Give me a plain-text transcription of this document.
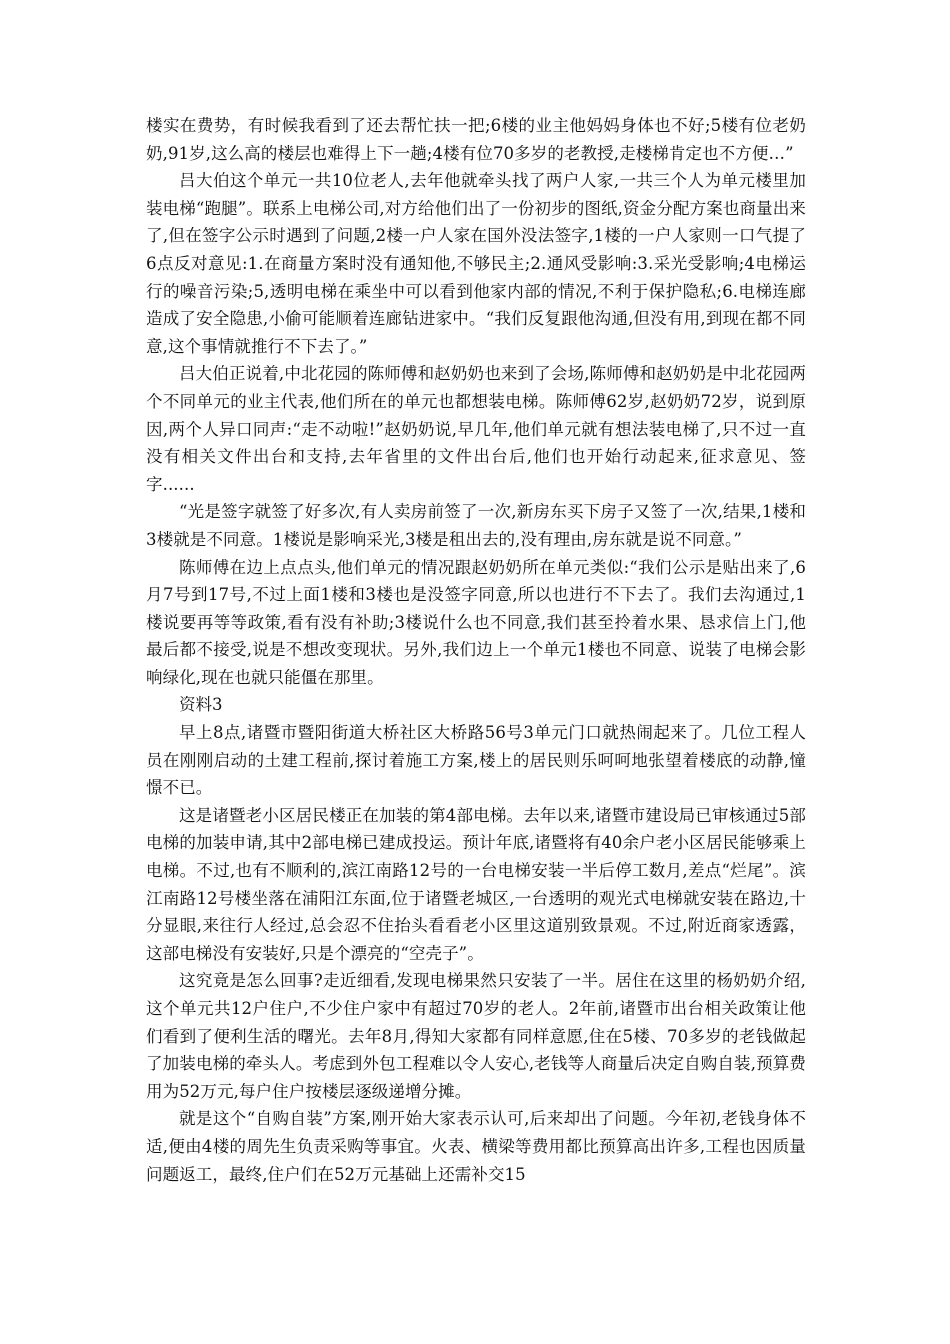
楼实在费势，有时候我看到了还去帮忙扶一把;6楼的业主他妈妈身体也不好;5楼有位老奶奶,91岁,这么高的楼层也难得上下一趟;4楼有位70多岁的老教授,走楼梯肯定也不方便…”

吕大伯这个单元一共10位老人,去年他就牵头找了两户人家,一共三个人为单元楼里加装电梯“跑腿”。联系上电梯公司,对方给他们出了一份初步的图纸,资金分配方案也商量出来了,但在签字公示时遇到了问题,2楼一户人家在国外没法签字,1楼的一户人家则一口气提了6点反对意见:1.在商量方案时没有通知他,不够民主;2.通风受影响:3.采光受影响;4电梯运行的噪音污染;5,透明电梯在乘坐中可以看到他家内部的情况,不利于保护隐私;6.电梯连廊造成了安全隐患,小偷可能顺着连廊钻进家中。“我们反复跟他沟通,但没有用,到现在都不同意,这个事情就推行不下去了。”

吕大伯正说着,中北花园的陈师傅和赵奶奶也来到了会场,陈师傅和赵奶奶是中北花园两个不同单元的业主代表,他们所在的单元也都想装电梯。陈师傅62岁,赵奶奶72岁，说到原因,两个人异口同声:“走不动啦!”赵奶奶说,早几年,他们单元就有想法装电梯了,只不过一直没有相关文件出台和支持,去年省里的文件出台后,他们也开始行动起来,征求意见、签字......

“光是签字就签了好多次,有人卖房前签了一次,新房东买下房子又签了一次,结果,1楼和3楼就是不同意。1楼说是影响采光,3楼是租出去的,没有理由,房东就是说不同意。”

陈师傅在边上点点头,他们单元的情况跟赵奶奶所在单元类似:“我们公示是贴出来了,6月7号到17号,不过上面1楼和3楼也是没签字同意,所以也进行不下去了。我们去沟通过,1楼说要再等等政策,看有没有补助;3楼说什么也不同意,我们甚至拎着水果、恳求信上门,他最后都不接受,说是不想改变现状。另外,我们边上一个单元1楼也不同意、说装了电梯会影响绿化,现在也就只能僵在那里。

资料3

早上8点,诸暨市暨阳街道大桥社区大桥路56号3单元门口就热闹起来了。几位工程人员在刚刚启动的土建工程前,探讨着施工方案,楼上的居民则乐呵呵地张望着楼底的动静,憧憬不已。

这是诸暨老小区居民楼正在加装的第4部电梯。去年以来,诸暨市建设局已审核通过5部电梯的加装申请,其中2部电梯已建成投运。预计年底,诸暨将有40余户老小区居民能够乘上电梯。不过,也有不顺利的,滨江南路12号的一台电梯安装一半后停工数月,差点“烂尾”。滨江南路12号楼坐落在浦阳江东面,位于诸暨老城区,一台透明的观光式电梯就安装在路边,十分显眼,来往行人经过,总会忍不住抬头看看老小区里这道别致景观。不过,附近商家透露，这部电梯没有安装好,只是个漂亮的“空壳子”。

这究竟是怎么回事?走近细看,发现电梯果然只安装了一半。居住在这里的杨奶奶介绍,这个单元共12户住户,不少住户家中有超过70岁的老人。2年前,诸暨市出台相关政策让他们看到了便利生活的曙光。去年8月,得知大家都有同样意愿,住在5楼、70多岁的老钱做起了加装电梯的牵头人。考虑到外包工程难以令人安心,老钱等人商量后决定自购自装,预算费用为52万元,每户住户按楼层逐级递增分摊。

就是这个“自购自装”方案,刚开始大家表示认可,后来却出了问题。今年初,老钱身体不适,便由4楼的周先生负责采购等事宜。火表、横梁等费用都比预算高出许多,工程也因质量问题返工，最终,住户们在52万元基础上还需补交15
